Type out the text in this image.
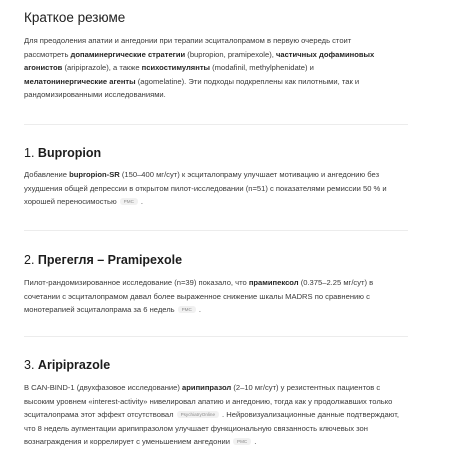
Краткое резюме

Для преодоления апатии и ангедонии при терапии эсциталопрамом в первую очередь стоит рассмотреть допаминергические стратегии (bupropion, pramipexole), частичных дофаминовых агонистов (aripiprazole), а также психостимулянты (modafinil, methylphenidate) и мелатонинергические агенты (agomelatine). Эти подходы подкреплены как пилотными, так и рандомизированными исследованиями.

1. Bupropion

Добавление bupropion-SR (150–400 мг/сут) к эсциталопраму улучшает мотивацию и ангедонию без ухудшения общей депрессии в открытом пилот-исследовании (n=51) с показателями ремиссии 50 % и хорошей переносимостью PMC .

2. Прегегля – Pramipexole

Пилот-рандомизированное исследование (n=39) показало, что прамипексол (0.375–2.25 мг/сут) в сочетании с эсциталопрамом давал более выраженное снижение шкалы MADRS по сравнению с монотерапией эсциталопрама за 6 недель PMC .

3. Aripiprazole

В CAN-BIND-1 (двухфазовое исследование) арипипразол (2–10 мг/сут) у резистентных пациентов с высоким уровнем «interest-activity» нивелировал апатию и ангедонию, тогда как у продолжавших только эсциталопрама этот эффект отсутствовал PsychiatryOnline . Нейровизуализационные данные подтверждают, что 8 недель аугментации арипипразолом улучшает функциональную связанность ключевых зон вознаграждения и коррелирует с уменьшением ангедонии PMC .
